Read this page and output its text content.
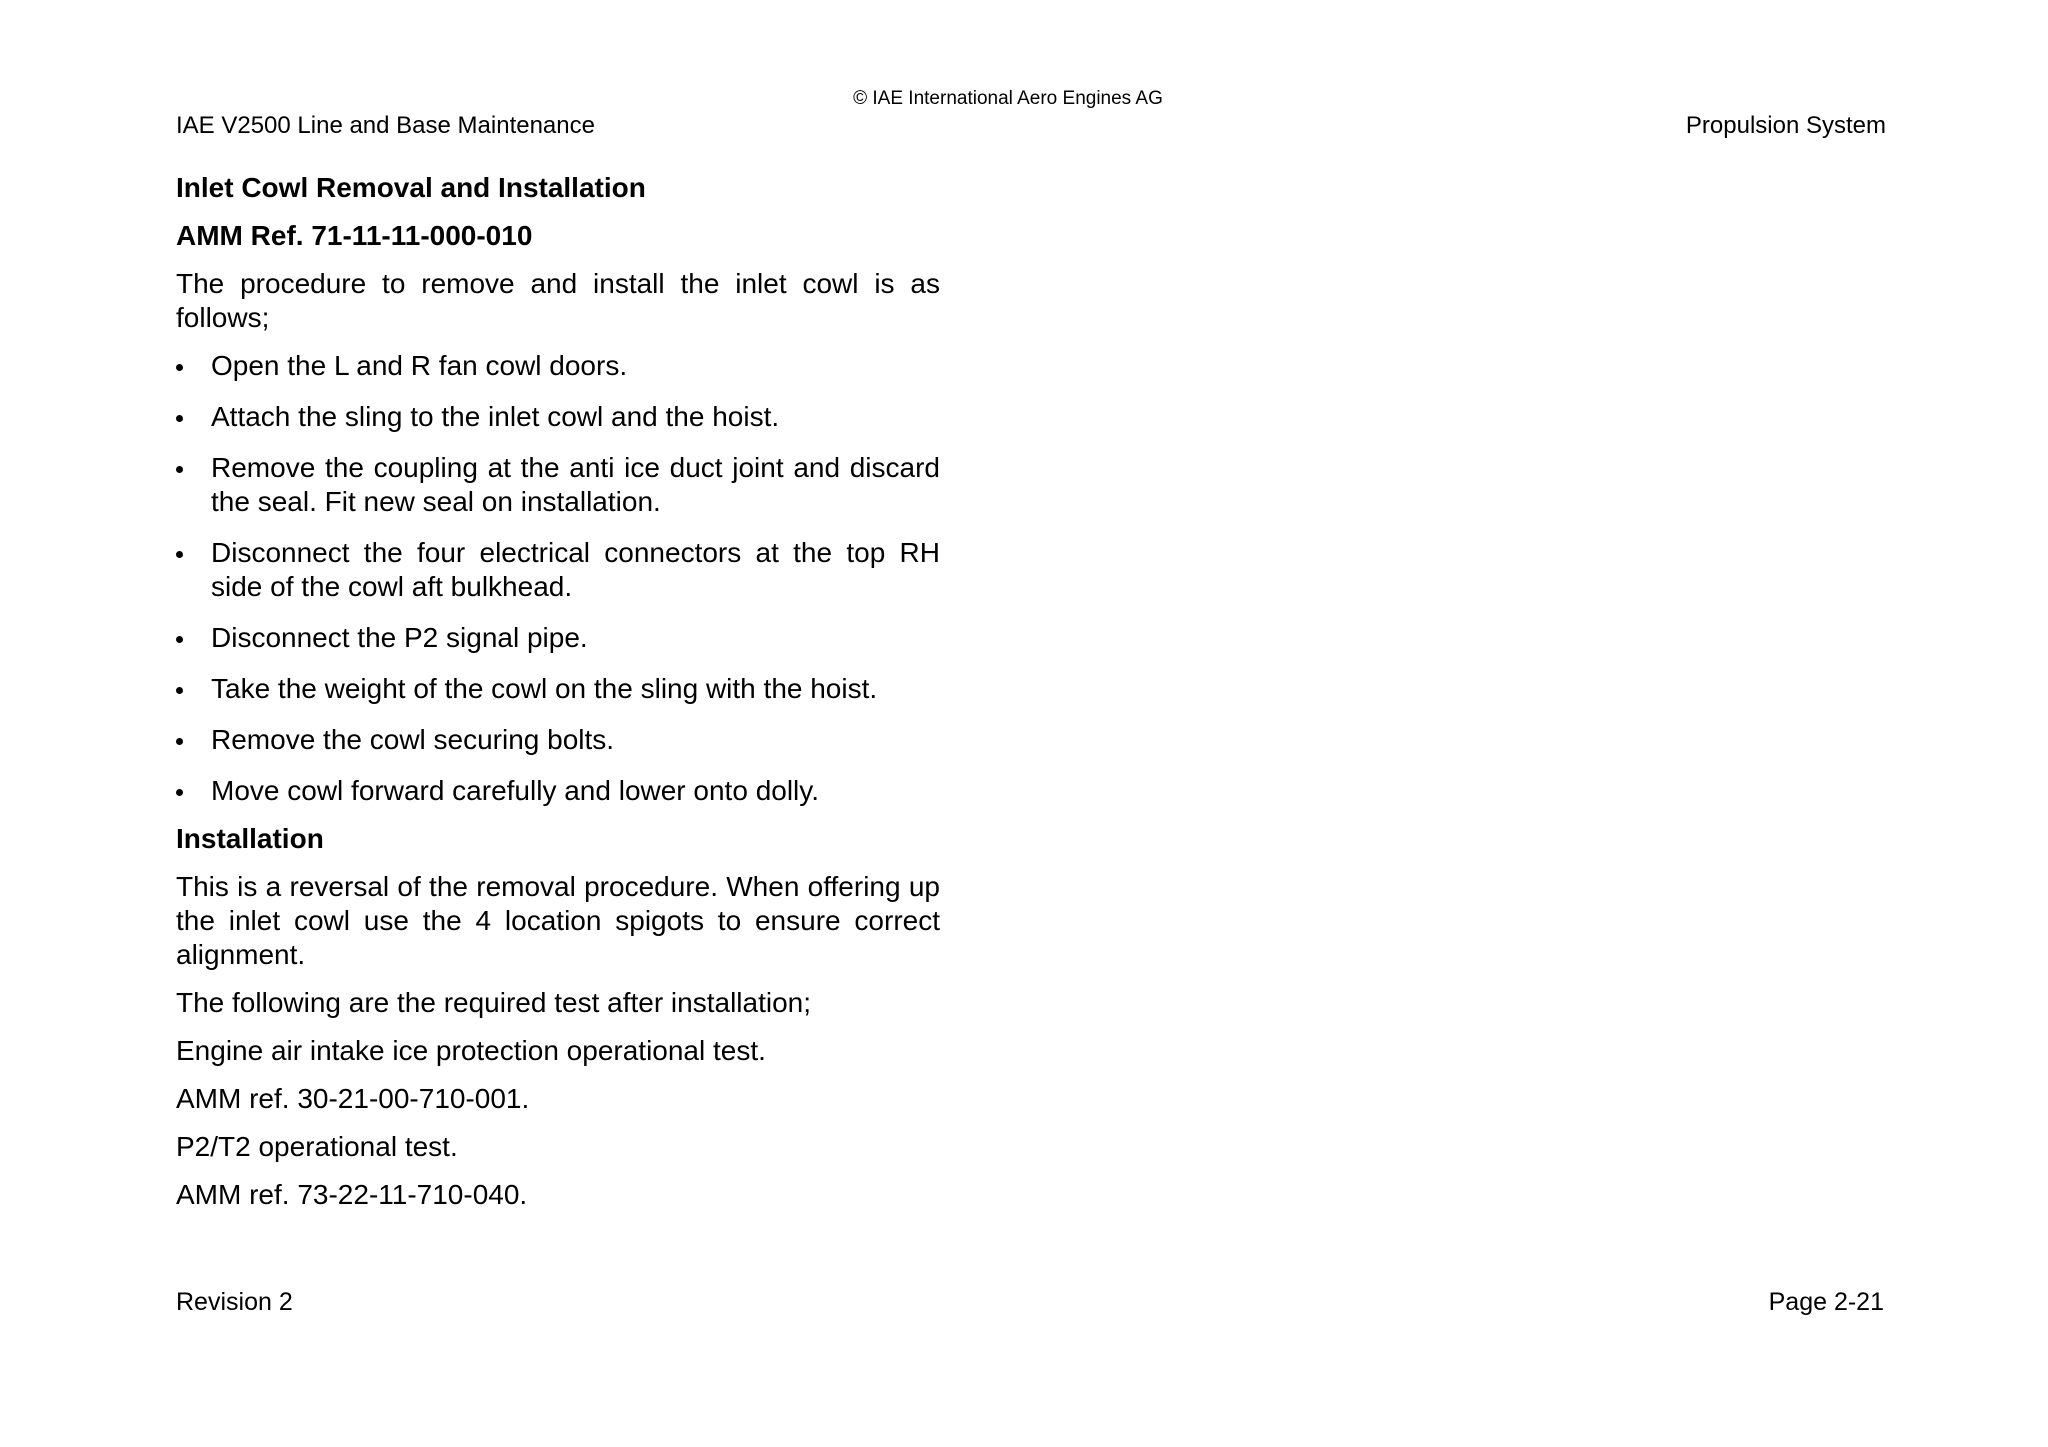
© IAE International Aero Engines AG
IAE V2500 Line and Base Maintenance	Propulsion System
Inlet Cowl Removal and Installation
AMM Ref. 71-11-11-000-010
The procedure to remove and install the inlet cowl is as follows;
Open the L and R fan cowl doors.
Attach the sling to the inlet cowl and the hoist.
Remove the coupling at the anti ice duct joint and discard the seal. Fit new seal on installation.
Disconnect the four electrical connectors at the top RH side of the cowl aft bulkhead.
Disconnect the P2 signal pipe.
Take the weight of the cowl on the sling with the hoist.
Remove the cowl securing bolts.
Move cowl forward carefully and lower onto dolly.
Installation
This is a reversal of the removal procedure. When offering up the inlet cowl use the 4 location spigots to ensure correct alignment.
The following are the required test after installation;
Engine air intake ice protection operational test.
AMM ref. 30-21-00-710-001.
P2/T2 operational test.
AMM ref. 73-22-11-710-040.
Revision 2	Page 2-21
